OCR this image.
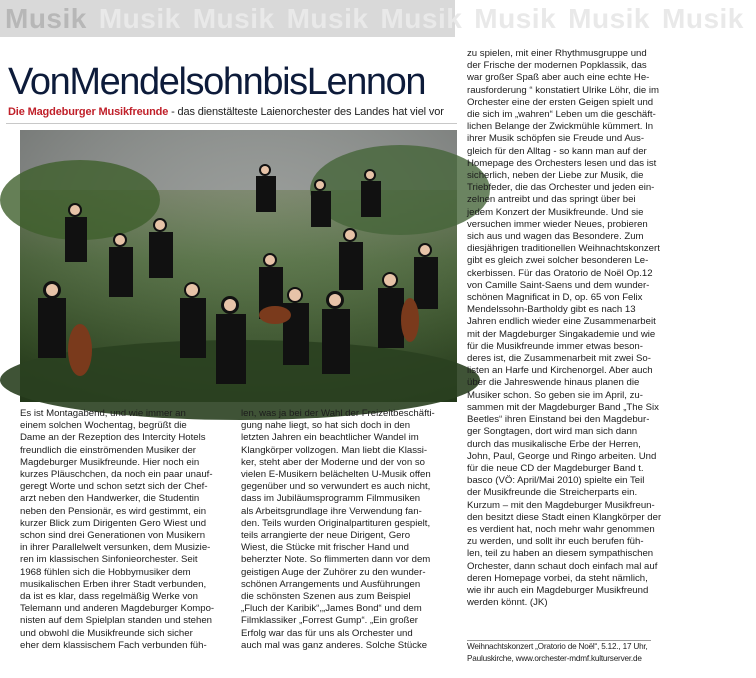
Musik Musik Musik Musik Musik Musik Musik Musik
VonMendelsohnbisLennon
Die Magdeburger Musikfreunde - das dienstälteste Laienorchester des Landes hat viel vor
Es ist Montagabend, und wie immer an
einem solchen Wochentag, begrüßt die
Dame an der Rezeption des Intercity Hotels
freundlich die einströmenden Musiker der
Magdeburger Musikfreunde. Hier noch ein
kurzes Pläuschchen, da noch ein paar unauf-
geregt Worte und schon setzt sich der Chef-
arzt neben den Handwerker, die Studentin
neben den Pensionär, es wird gestimmt, ein
kurzer Blick zum Dirigenten Gero Wiest und
schon sind drei Generationen von Musikern
in ihrer Parallelwelt versunken, dem Musizie-
ren im klassischen Sinfonieorchester. Seit
1968 fühlen sich die Hobbymusiker dem
musikalischen Erben ihrer Stadt verbunden,
da ist es klar, dass regelmäßig Werke von
Telemann und anderen Magdeburger Kompo-
nisten auf dem Spielplan standen und stehen
und obwohl die Musikfreunde sich sicher
eher dem klassischem Fach verbunden füh-
len, was ja bei der Wahl der Freizeitbeschäfti-
gung nahe liegt, so hat sich doch in den
letzten Jahren ein beachtlicher Wandel im
Klangkörper vollzogen. Man liebt die Klassi-
ker, steht aber der Moderne und der von so
vielen E-Musikern belächelten U-Musik offen
gegenüber und so verwundert es auch nicht,
dass im Jubiläumsprogramm Filmmusiken
als Arbeitsgrundlage ihre Verwendung fan-
den. Teils wurden Originalpartituren gespielt,
teils arrangierte der neue Dirigent, Gero
Wiest, die Stücke mit frischer Hand und
beherzter Note. So flimmerten dann vor dem
geistigen Auge der Zuhörer zu den wunder-
schönen Arrangements und Ausführungen
die schönsten Szenen aus zum Beispiel
„Fluch der Karibik“,„James Bond“ und dem
Filmklassiker „Forrest Gump“. „Ein großer
Erfolg war das für uns als Orchester und
auch mal was ganz anderes. Solche Stücke
zu spielen, mit einer Rhythmusgruppe und
der Frische der modernen Popklassik, das
war großer Spaß aber auch eine echte He-
rausforderung “ konstatiert Ulrike Löhr, die im
Orchester eine der ersten Geigen spielt und
die sich im „wahren“ Leben um die geschäft-
lichen Belange der Zwickmühle kümmert. In
ihrer Musik schöpfen sie Freude und Aus-
gleich für den Alltag - so kann man auf der
Homepage des Orchesters lesen und das ist
sicherlich, neben der Liebe zur Musik, die
Triebfeder, die das Orchester und jeden ein-
zelnen antreibt und das springt über bei
jedem Konzert der Musikfreunde. Und sie
versuchen immer wieder Neues, probieren
sich aus und wagen das Besondere. Zum
diesjährigen traditionellen Weihnachtskonzert
gibt es gleich zwei solcher besonderen Le-
ckerbissen. Für das Oratorio de Noël Op.12
von Camille Saint-Saens und dem wunder-
schönen Magnificat in D, op. 65 von Felix
Mendelssohn-Bartholdy gibt es nach 13
Jahren endlich wieder eine Zusammenarbeit
mit der Magdeburger Singakademie und wie
für die Musikfreunde immer etwas beson-
deres ist, die Zusammenarbeit mit zwei So-
listen an Harfe und Kirchenorgel. Aber auch
über die Jahreswende hinaus planen die
Musiker schon. So geben sie im April, zu-
sammen mit der Magdeburger Band „The Six
Beetles“ ihren Einstand bei den Magdebur-
ger Songtagen, dort wird man sich dann
durch das musikalische Erbe der Herren,
John, Paul, George und Ringo arbeiten. Und
für die neue CD der Magdeburger Band t.
basco (VÖ: April/Mai 2010) spielte ein Teil
der Musikfreunde die Streicherparts ein.
Kurzum – mit den Magdeburger Musikfreun-
den besitzt diese Stadt einen Klangkörper der
es verdient hat, noch mehr wahr genommen
zu werden, und sollt ihr euch berufen füh-
len, teil zu haben an diesem sympathischen
Orchester, dann schaut doch einfach mal auf
deren Homepage vorbei, da steht nämlich,
wie ihr auch ein Magdeburger Musikfreund
werden könnt. (JK)
Weihnachtskonzert „Oratorio de Noël“, 5.12., 17 Uhr,
Pauluskirche, www.orchester-mdmf.kulturserver.de
